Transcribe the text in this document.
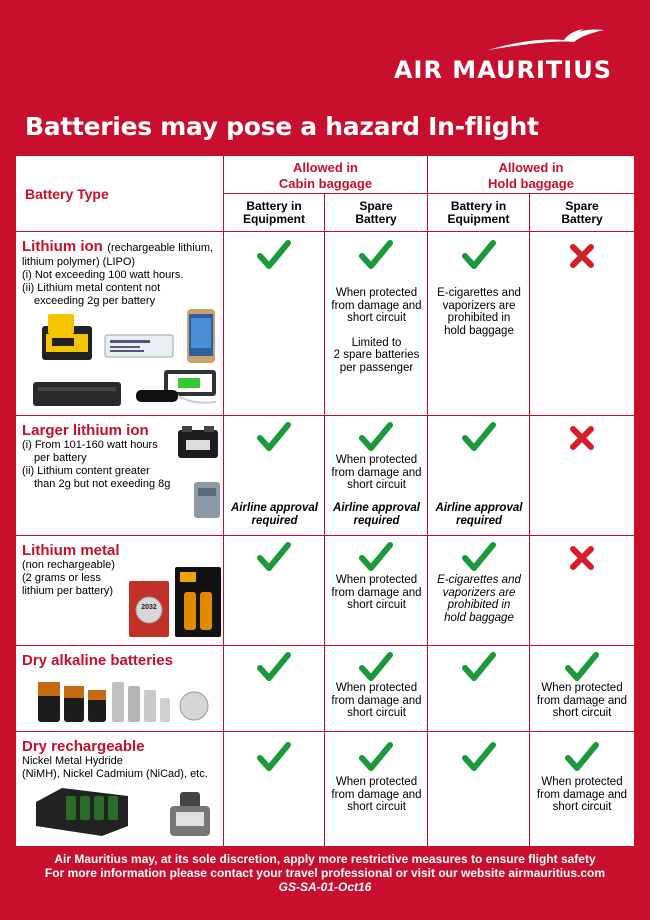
AIR MAURITIUS
Batteries may pose a hazard In-flight
Battery Type
Allowed in
Cabin baggage
Allowed in
Hold baggage
Battery in
Equipment
Spare
Battery
Battery in
Equipment
Spare
Battery
Lithium ion (rechargeable lithium,
lithium polymer) (LIPO)
(i) Not exceeding 100 watt hours.
(ii) Lithium metal content not
exceeding 2g per battery
When protected
from damage and
short circuit
Limited to
2 spare batteries
per passenger
E-cigarettes and
vaporizers are
prohibited in
hold baggage
Larger lithium ion
(i) From 101-160 watt hours
per battery
(ii) Lithium content greater
than 2g but not exeeding 8g
Airline approval
required
When protected
from damage and
short circuit
Airline approval
required
Airline approval
required
Lithium metal
(non rechargeable)
(2 grams or less
lithium per battery)
2032
When protected
from damage and
short circuit
E-cigarettes and
vaporizers are
prohibited in
hold baggage
Dry alkaline batteries
When protected
from damage and
short circuit
When protected
from damage and
short circuit
Dry rechargeable
Nickel Metal Hydride
(NiMH), Nickel Cadmium (NiCad), etc.
When protected
from damage and
short circuit
When protected
from damage and
short circuit
Air Mauritius may, at its sole discretion, apply more restrictive measures to ensure flight safety
For more information please contact your travel professional or visit our website airmauritius.com
GS-SA-01-Oct16
